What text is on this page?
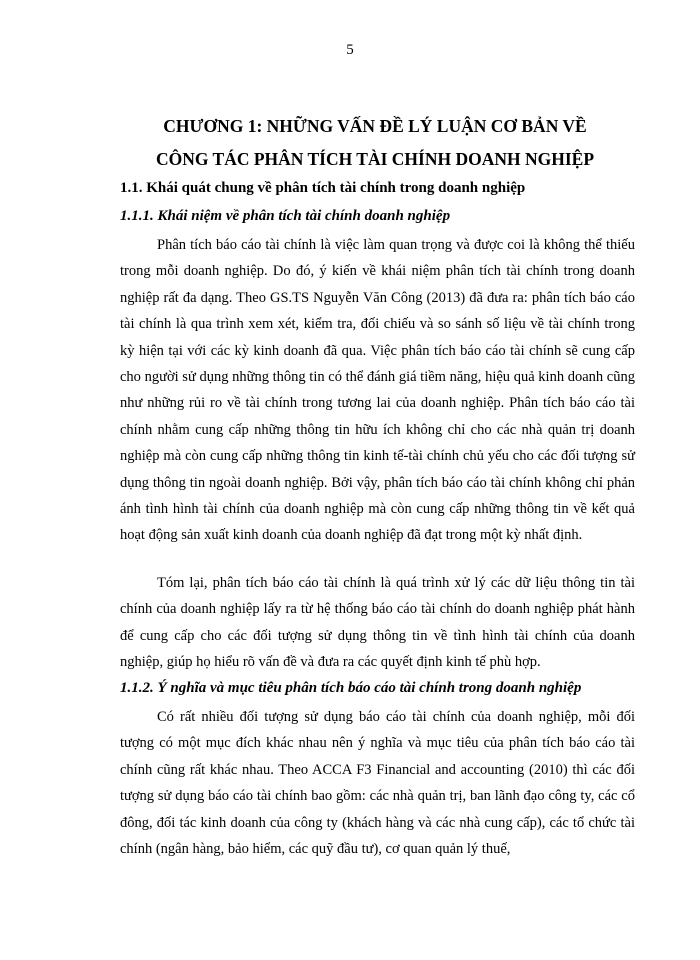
5
CHƯƠNG 1: NHỮNG VẤN ĐỀ LÝ LUẬN CƠ BẢN VỀ
CÔNG TÁC PHÂN TÍCH TÀI CHÍNH DOANH NGHIỆP
1.1. Khái quát chung về phân tích tài chính trong doanh nghiệp
1.1.1. Khái niệm về phân tích tài chính doanh nghiệp

Phân tích báo cáo tài chính là việc làm quan trọng và được coi là không thể thiếu trong mỗi doanh nghiệp. Do đó, ý kiến về khái niệm phân tích tài chính trong doanh nghiệp rất đa dạng. Theo GS.TS Nguyễn Văn Công (2013) đã đưa ra: phân tích báo cáo tài chính là qua trình xem xét, kiểm tra, đối chiếu và so sánh số liệu về tài chính trong kỳ hiện tại với các kỳ kinh doanh đã qua. Việc phân tích báo cáo tài chính sẽ cung cấp cho người sử dụng những thông tin có thể đánh giá tiềm năng, hiệu quả kinh doanh cũng như những rủi ro về tài chính trong tương lai của doanh nghiệp. Phân tích báo cáo tài chính nhằm cung cấp những thông tin hữu ích không chỉ cho các nhà quản trị doanh nghiệp mà còn cung cấp những thông tin kinh tế-tài chính chủ yếu cho các đối tượng sử dụng thông tin ngoài doanh nghiệp. Bởi vậy, phân tích báo cáo tài chính không chỉ phản ánh tình hình tài chính của doanh nghiệp mà còn cung cấp những thông tin về kết quả hoạt động sản xuất kinh doanh của doanh nghiệp đã đạt trong một kỳ nhất định.

Tóm lại, phân tích báo cáo tài chính là quá trình xử lý các dữ liệu thông tin tài chính của doanh nghiệp lấy ra từ hệ thống báo cáo tài chính do doanh nghiệp phát hành để cung cấp cho các đối tượng sử dụng thông tin về tình hình tài chính của doanh nghiệp, giúp họ hiểu rõ vấn đề và đưa ra các quyết định kinh tế phù hợp.

1.1.2. Ý nghĩa và mục tiêu phân tích báo cáo tài chính trong doanh nghiệp

Có rất nhiều đối tượng sử dụng báo cáo tài chính của doanh nghiệp, mỗi đối tượng có một mục đích khác nhau nên ý nghĩa và mục tiêu của phân tích báo cáo tài chính cũng rất khác nhau. Theo ACCA F3 Financial and accounting (2010) thì các đối tượng sử dụng báo cáo tài chính bao gồm: các nhà quản trị, ban lãnh đạo công ty, các cổ đông, đối tác kinh doanh của công ty (khách hàng và các nhà cung cấp), các tổ chức tài chính (ngân hàng, bảo hiểm, các quỹ đầu tư), cơ quan quản lý thuế,
